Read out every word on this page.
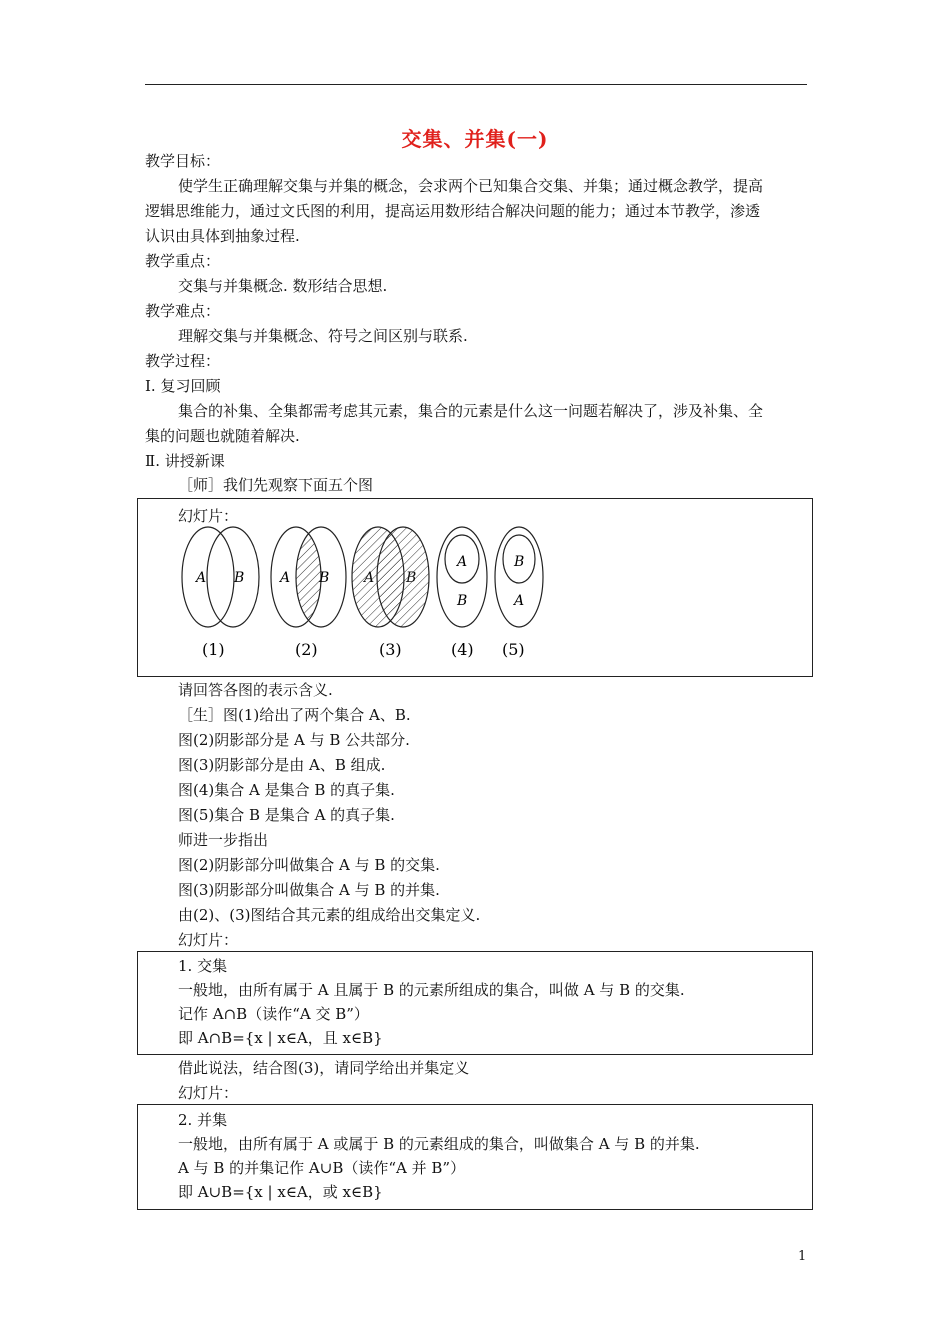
交集、并集(一)
教学目标：
使学生正确理解交集与并集的概念，会求两个已知集合交集、并集；通过概念教学，提高
逻辑思维能力，通过文氏图的利用，提高运用数形结合解决问题的能力；通过本节教学，渗透
认识由具体到抽象过程.
教学重点：
交集与并集概念. 数形结合思想.
教学难点：
理解交集与并集概念、符号之间区别与联系.
教学过程：
Ⅰ. 复习回顾
集合的补集、全集都需考虑其元素，集合的元素是什么这一问题若解决了，涉及补集、全
集的问题也就随着解决.
Ⅱ. 讲授新课
［师］我们先观察下面五个图
幻灯片：
A B
(1)
A B
(2)
A B
(3)
A
B
(4)
B
A
(5)
请回答各图的表示含义.
［生］图(1)给出了两个集合 A、B.
图(2)阴影部分是 A 与 B 公共部分.
图(3)阴影部分是由 A、B 组成.
图(4)集合 A 是集合 B 的真子集.
图(5)集合 B 是集合 A 的真子集.
师进一步指出
图(2)阴影部分叫做集合 A 与 B 的交集.
图(3)阴影部分叫做集合 A 与 B 的并集.
由(2)、(3)图结合其元素的组成给出交集定义.
幻灯片：
1. 交集
一般地，由所有属于 A 且属于 B 的元素所组成的集合，叫做 A 与 B 的交集.
记作 A∩B（读作“A 交 B”）
即 A∩B={x | x∈A，且 x∈B}
借此说法，结合图(3)，请同学给出并集定义
幻灯片：
2. 并集
一般地，由所有属于 A 或属于 B 的元素组成的集合，叫做集合 A 与 B 的并集.
A 与 B 的并集记作 A∪B（读作“A 并 B”）
即 A∪B={x | x∈A，或 x∈B}
1
